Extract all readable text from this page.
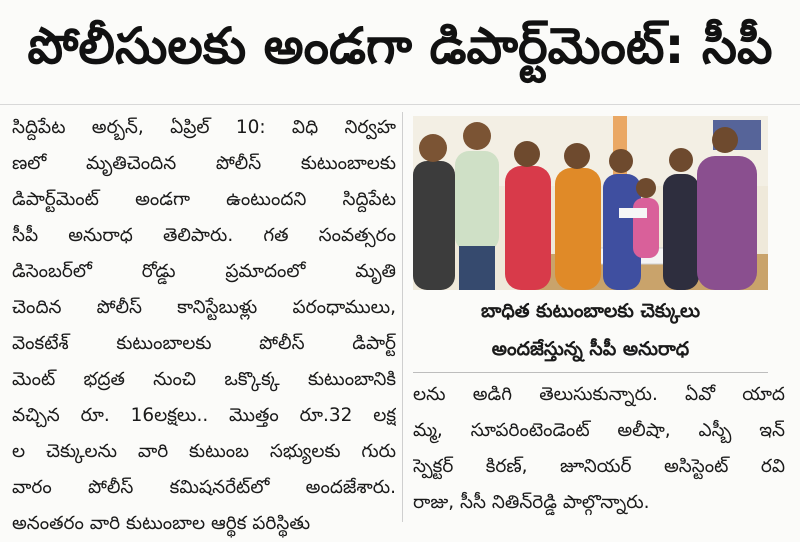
పోలీసులకు అండగా డిపార్ట్‌మెంట్‌: సీపీ

సిద్దిపేట అర్బన్‌, ఏప్రిల్‌ 10: విధి నిర్వహ

ణలో మృతిచెందిన పోలీస్‌ కుటుంబాలకు

డిపార్ట్‌మెంట్‌ అండగా ఉంటుందని సిద్దిపేట

సీపీ అనురాధ తెలిపారు. గత సంవత్సరం

డిసెంబర్‌లో రోడ్డు ప్రమాదంలో మృతి

చెందిన పోలీస్‌ కానిస్టేబుళ్లు పరంధాములు,

వెంకటేశ్‌ కుటుంబాలకు పోలీస్‌ డిపార్ట్‌

మెంట్‌ భద్రత నుంచి ఒక్కొక్క కుటుంబానికి

వచ్చిన రూ. 16లక్షలు.. మొత్తం రూ.32 లక్ష

ల చెక్కులను వారి కుటుంబ సభ్యులకు గురు

వారం పోలీస్‌ కమిషనరేట్‌లో అందజేశారు.

అనంతరం వారి కుటుంబాల ఆర్థిక పరిస్థితు

బాధిత కుటుంబాలకు చెక్కులు
అందజేస్తున్న సీపీ అనురాధ

లను అడిగి తెలుసుకున్నారు. ఏవో యాద

మ్మ, సూపరింటెండెంట్‌ అలీషా, ఎస్బీ ఇన్‌

స్పెక్టర్‌ కిరణ్‌, జూనియర్‌ అసిస్టెంట్‌ రవి

రాజు, సీసీ నితిన్‌రెడ్డి పాల్గొన్నారు.
